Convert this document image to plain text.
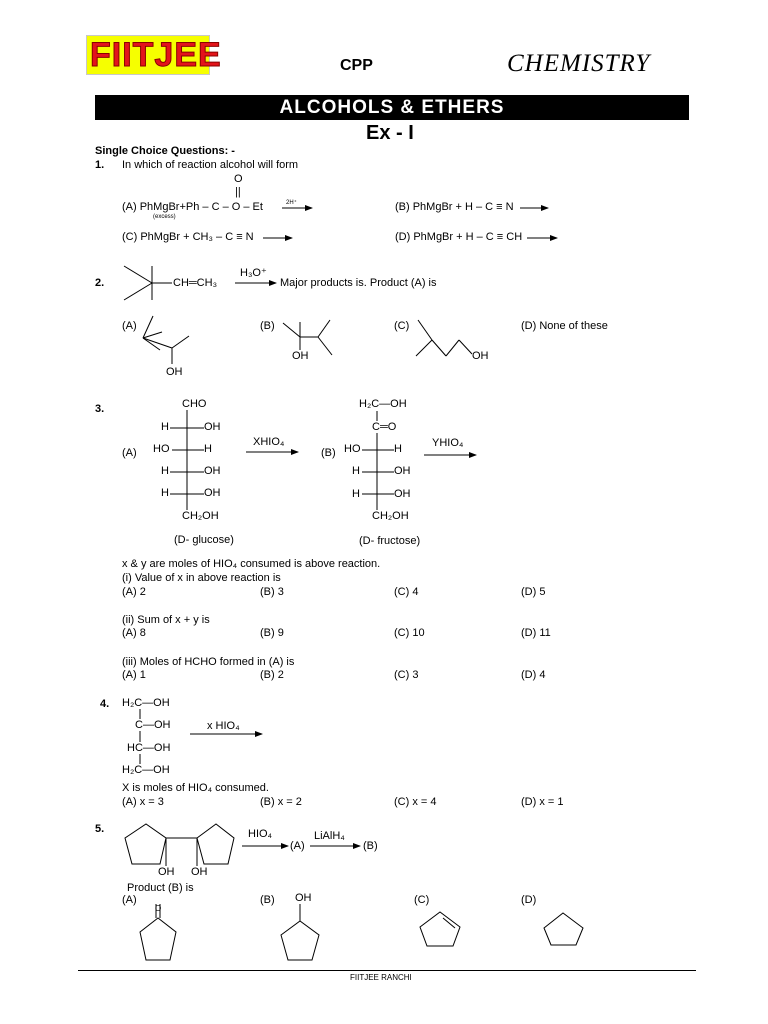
FIITJEE	CPP	CHEMISTRY
ALCOHOLS & ETHERS
Ex - I
Single Choice Questions: -
1. In which of reaction alcohol will form
O
||
(A) PhMgBr+Ph – C – O – Et	2H⁺
(excess)
(B) PhMgBr + H – C ≡ N
(C) PhMgBr + CH₃ – C ≡ N	(D) PhMgBr + H – C ≡ CH
2.	CH═CH₃
H₃O⁺
Major products is. Product (A) is
(A)
OH
(B)
OH
(C)
OH
(D) None of these
3.
(A)
CHO
H	OH
HO	H
H	OH
H	OH
CH₂OH
XHIO₄
(D- glucose)
(B)
H₂C—OH
C═O
HO	H
H	OH
H	OH
CH₂OH
YHIO₄
(D- fructose)
x & y are moles of HIO₄ consumed is above reaction.
(i) Value of x in above reaction is
(A) 2	(B) 3	(C) 4	(D) 5
(ii) Sum of x + y is
(A) 8	(B) 9	(C) 10	(D) 11
(iii) Moles of HCHO formed in (A) is
(A) 1	(B) 2	(C) 3	(D) 4
4. H₂C—OH
C—OH
HC—OH
H₂C—OH
x HIO₄
X is moles of HIO₄ consumed.
(A) x = 3	(B) x = 2	(C) x = 4	(D) x = 1
5.
OH OH
HIO₄
(A)
LiAlH₄
(B)
Product (B) is
(A)
O
(B) OH	(C)	(D)
FIITJEE RANCHI
